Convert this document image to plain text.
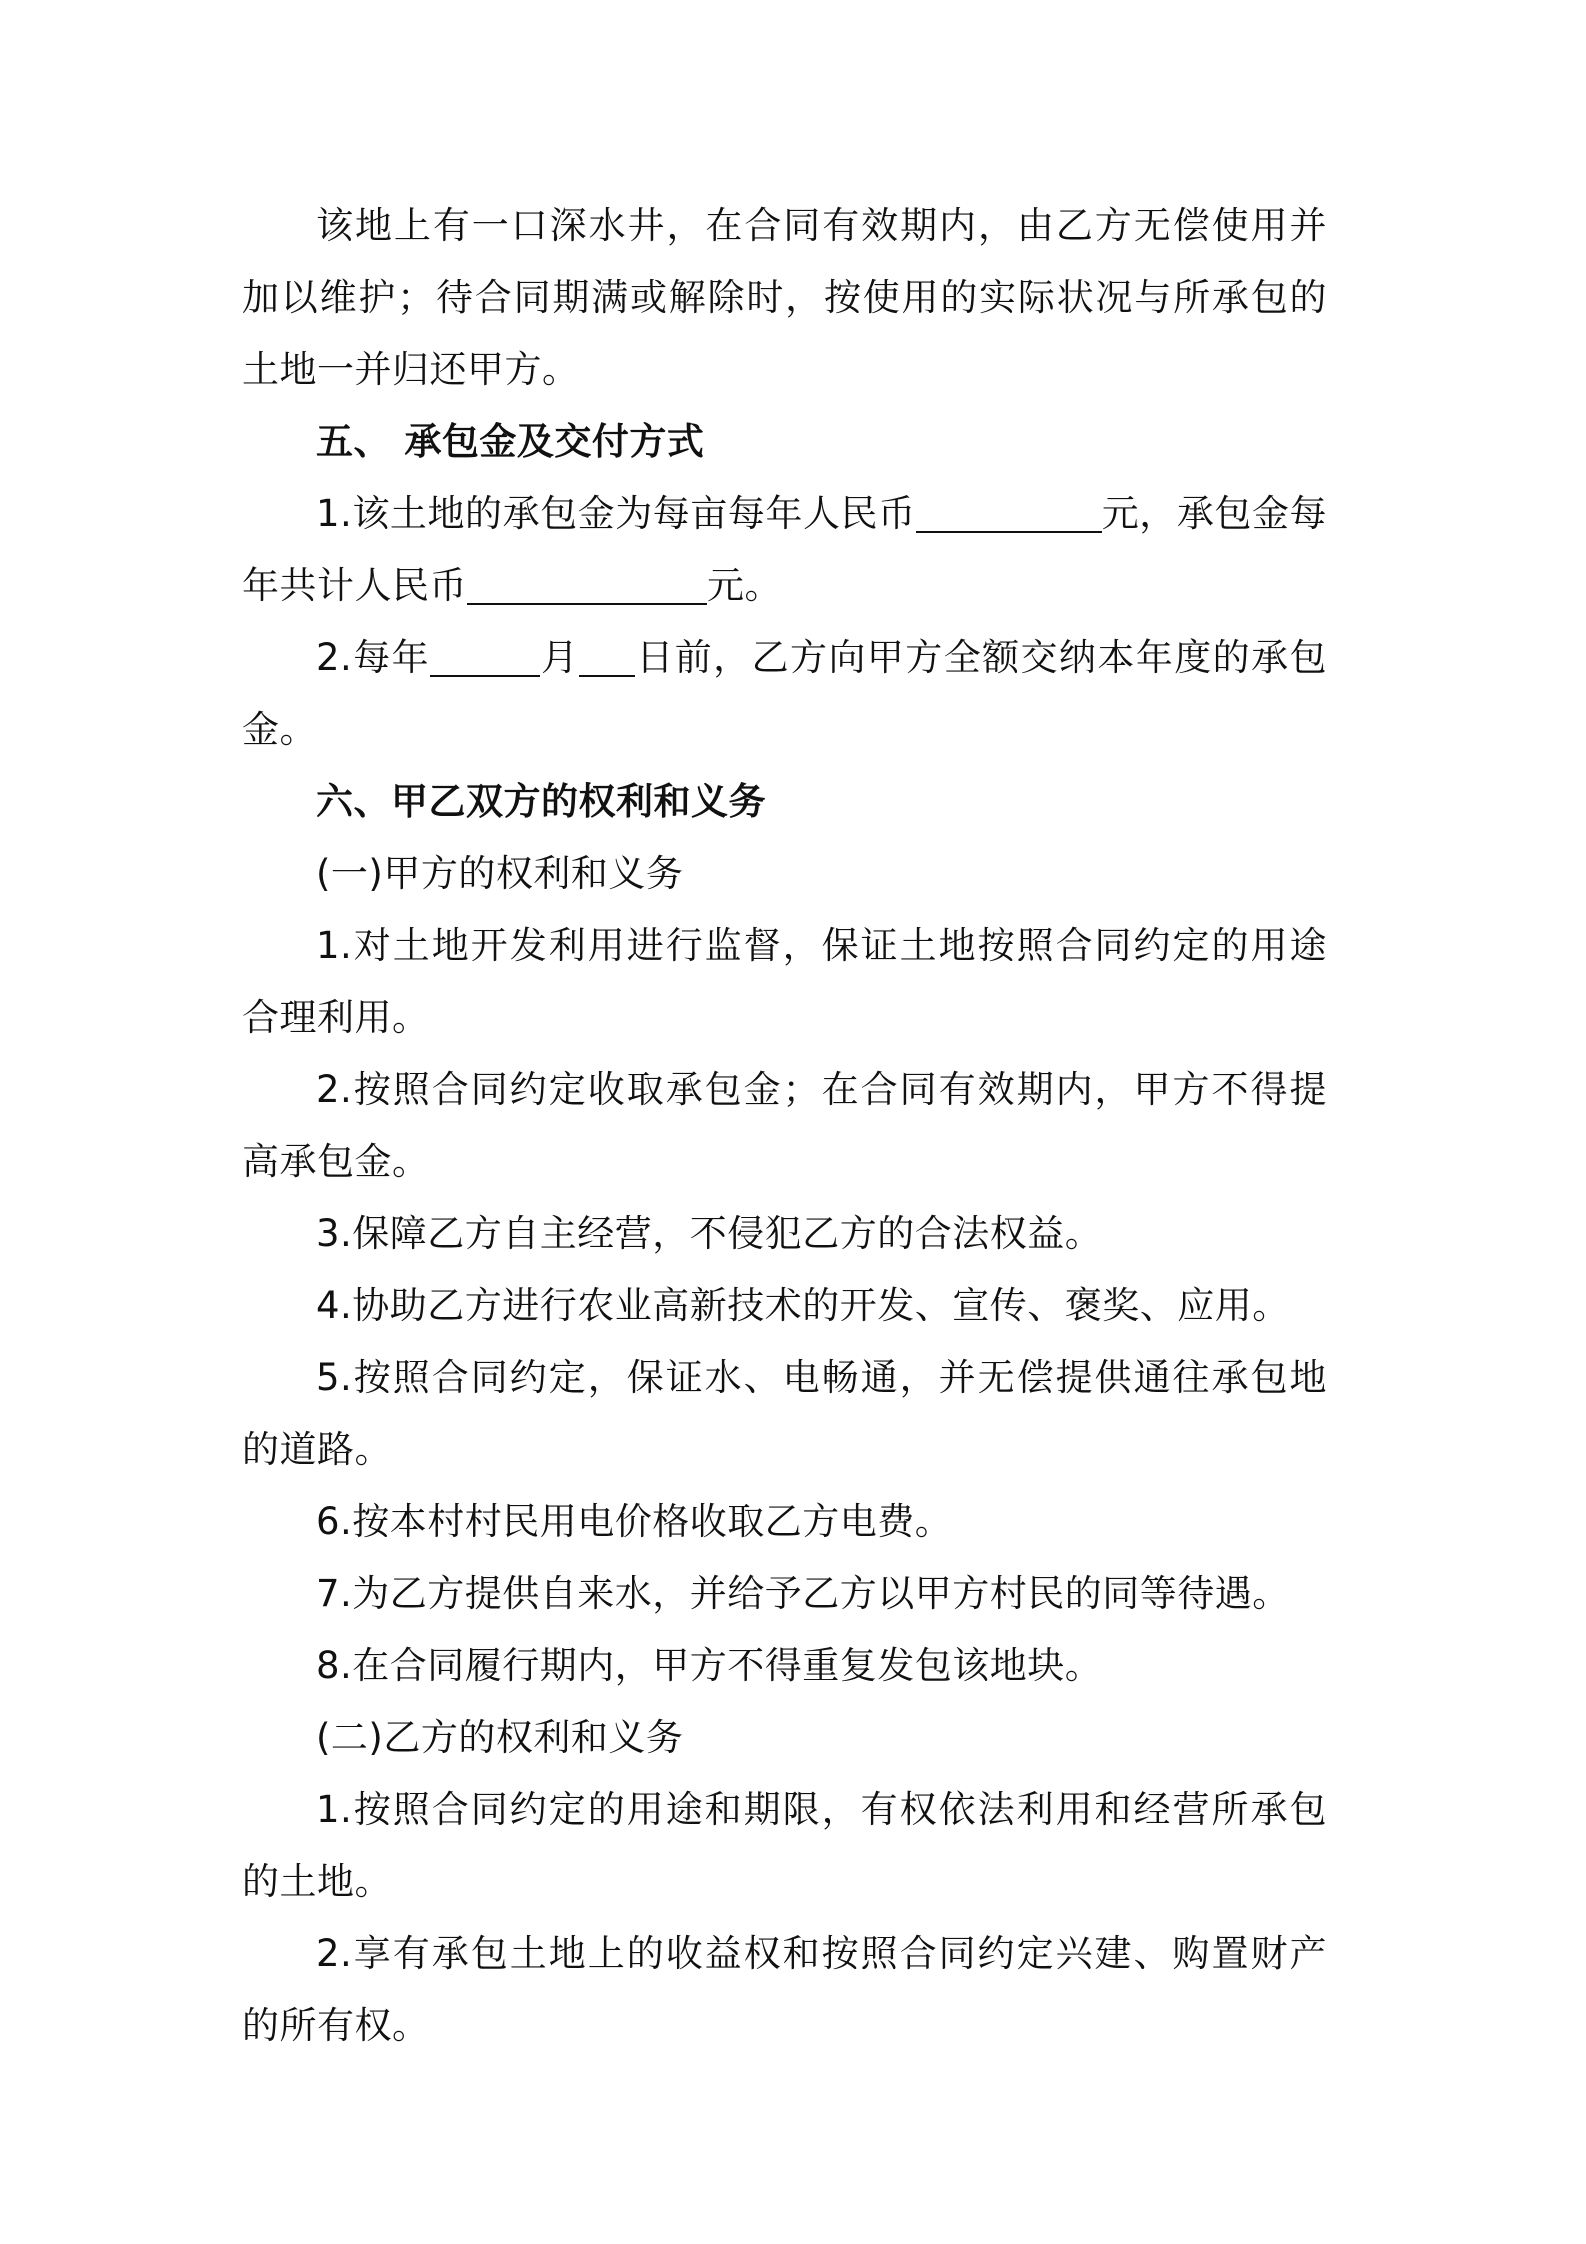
该地上有一口深水井，在合同有效期内，由乙方无偿使用并加以维护；待合同期满或解除时，按使用的实际状况与所承包的土地一并归还甲方。

五、 承包金及交付方式

1.该土地的承包金为每亩每年人民币	元，承包金每年共计人民币	元。

2.每年	月 日前，乙方向甲方全额交纳本年度的承包金。

六、甲乙双方的权利和义务

(一)甲方的权利和义务

1.对土地开发利用进行监督，保证土地按照合同约定的用途合理利用。

2.按照合同约定收取承包金；在合同有效期内，甲方不得提高承包金。

3.保障乙方自主经营，不侵犯乙方的合法权益。

4.协助乙方进行农业高新技术的开发、宣传、褒奖、应用。

5.按照合同约定，保证水、电畅通，并无偿提供通往承包地的道路。

6.按本村村民用电价格收取乙方电费。

7.为乙方提供自来水，并给予乙方以甲方村民的同等待遇。

8.在合同履行期内，甲方不得重复发包该地块。

(二)乙方的权利和义务

1.按照合同约定的用途和期限，有权依法利用和经营所承包的土地。

2.享有承包土地上的收益权和按照合同约定兴建、购置财产的所有权。
